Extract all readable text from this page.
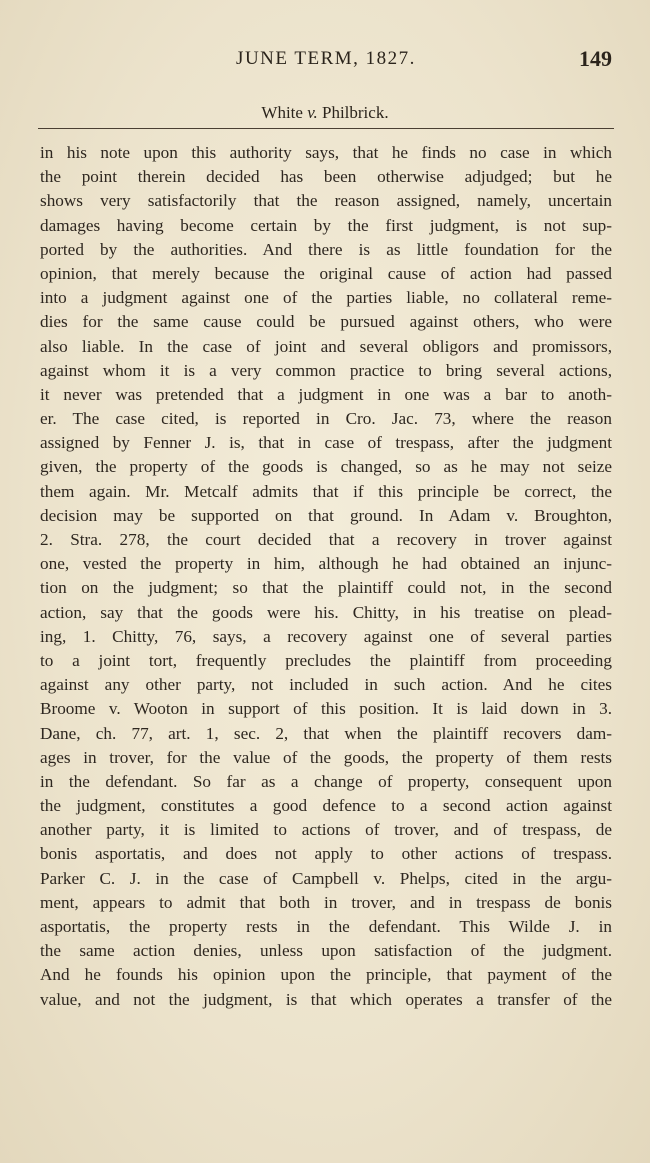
JUNE TERM, 1827.	149
White v. Philbrick.
in his note upon this authority says, that he finds no case in which
the point therein decided has been otherwise adjudged; but he
shows very satisfactorily that the reason assigned, namely, uncertain
damages having become certain by the first judgment, is not sup-
ported by the authorities. And there is as little foundation for the
opinion, that merely because the original cause of action had passed
into a judgment against one of the parties liable, no collateral reme-
dies for the same cause could be pursued against others, who were
also liable. In the case of joint and several obligors and promissors,
against whom it is a very common practice to bring several actions,
it never was pretended that a judgment in one was a bar to anoth-
er. The case cited, is reported in Cro. Jac. 73, where the reason
assigned by Fenner J. is, that in case of trespass, after the judgment
given, the property of the goods is changed, so as he may not seize
them again. Mr. Metcalf admits that if this principle be correct, the
decision may be supported on that ground. In Adam v. Broughton,
2. Stra. 278, the court decided that a recovery in trover against
one, vested the property in him, although he had obtained an injunc-
tion on the judgment; so that the plaintiff could not, in the second
action, say that the goods were his. Chitty, in his treatise on plead-
ing, 1. Chitty, 76, says, a recovery against one of several parties
to a joint tort, frequently precludes the plaintiff from proceeding
against any other party, not included in such action. And he cites
Broome v. Wooton in support of this position. It is laid down in 3.
Dane, ch. 77, art. 1, sec. 2, that when the plaintiff recovers dam-
ages in trover, for the value of the goods, the property of them rests
in the defendant. So far as a change of property, consequent upon
the judgment, constitutes a good defence to a second action against
another party, it is limited to actions of trover, and of trespass, de
bonis asportatis, and does not apply to other actions of trespass.
Parker C. J. in the case of Campbell v. Phelps, cited in the argu-
ment, appears to admit that both in trover, and in trespass de bonis
asportatis, the property rests in the defendant. This Wilde J. in
the same action denies, unless upon satisfaction of the judgment.
And he founds his opinion upon the principle, that payment of the
value, and not the judgment, is that which operates a transfer of the
